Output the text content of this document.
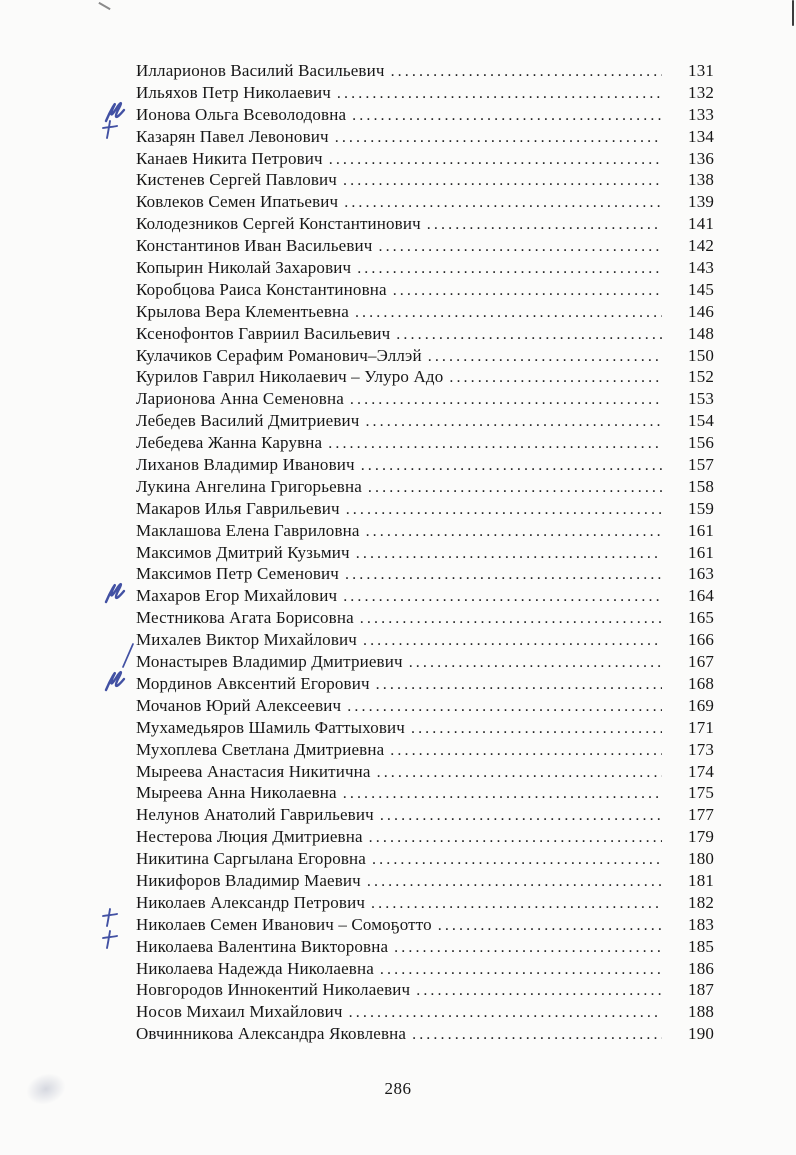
Илларионов Василий Васильевич .....	131
Ильяхов Петр Николаевич .....	132
Ионова Ольга Всеволодовна .....	133
Казарян Павел Левонович .....	134
Канаев Никита Петрович .....	136
Кистенев Сергей Павлович .....	138
Ковлеков Семен Ипатьевич .....	139
Колодезников Сергей Константинович .....	141
Константинов Иван Васильевич .....	142
Копырин Николай Захарович .....	143
Коробцова Раиса Константиновна .....	145
Крылова Вера Клементьевна .....	146
Ксенофонтов Гавриил Васильевич .....	148
Кулачиков Серафим Романович–Эллэй .....	150
Курилов Гаврил Николаевич – Улуро Адо .....	152
Ларионова Анна Семеновна .....	153
Лебедев Василий Дмитриевич .....	154
Лебедева Жанна Карувна .....	156
Лиханов Владимир Иванович .....	157
Лукина Ангелина Григорьевна .....	158
Макаров Илья Гаврильевич .....	159
Маклашова Елена Гавриловна .....	161
Максимов Дмитрий Кузьмич .....	161
Максимов Петр Семенович .....	163
Махаров Егор Михайлович .....	164
Местникова Агата Борисовна .....	165
Михалев Виктор Михайлович .....	166
Монастырев Владимир Дмитриевич .....	167
Мординов Авксентий Егорович .....	168
Мочанов Юрий Алексеевич .....	169
Мухамедьяров Шамиль Фаттыхович .....	171
Мухоплева Светлана Дмитриевна .....	173
Мыреева Анастасия Никитична .....	174
Мыреева Анна Николаевна .....	175
Нелунов Анатолий Гаврильевич .....	177
Нестерова Люция Дмитриевна .....	179
Никитина Саргылана Егоровна .....	180
Никифоров Владимир Маевич .....	181
Николаев Александр Петрович .....	182
Николаев Семен Иванович – Сомоҕотто .....	183
Николаева Валентина Викторовна .....	185
Николаева Надежда Николаевна .....	186
Новгородов Иннокентий Николаевич .....	187
Носов Михаил Михайлович .....	188
Овчинникова Александра Яковлевна .....	190
286
